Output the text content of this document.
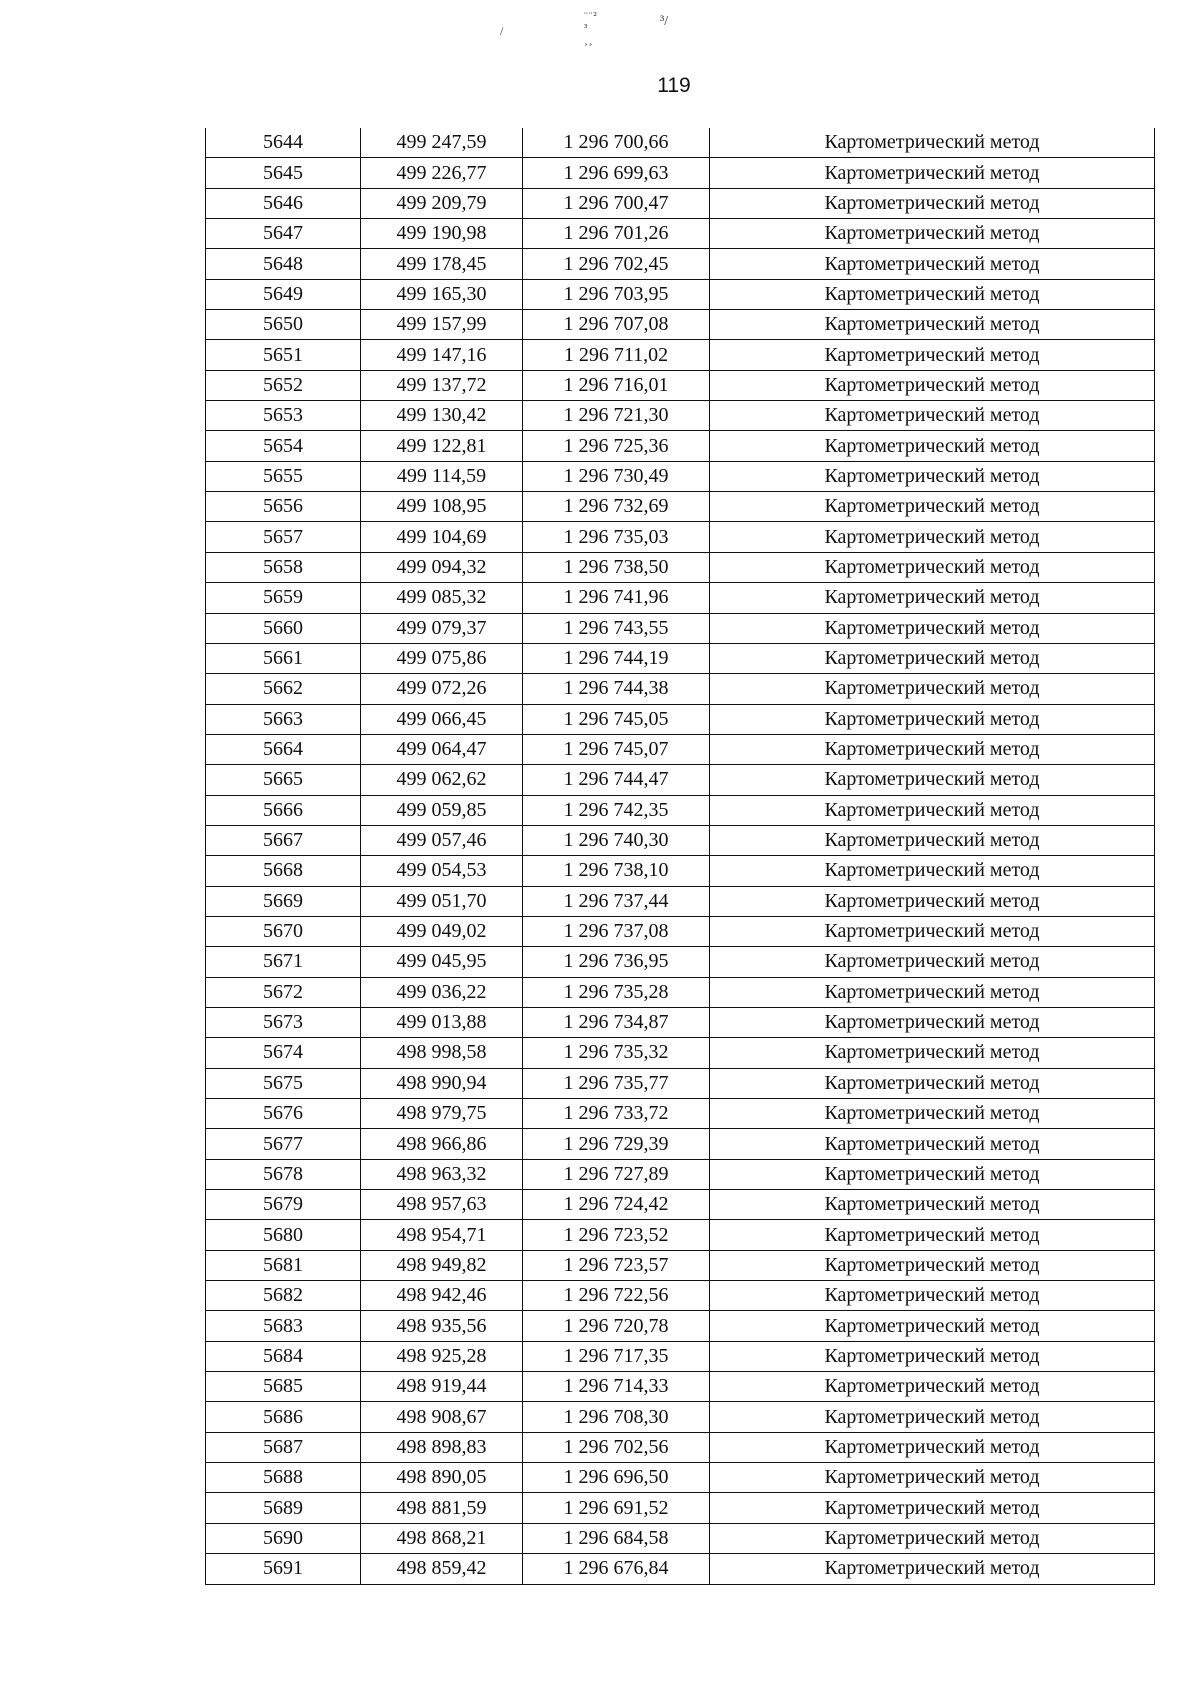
/
¨¨² ³ ¸¸
³/
119
5644	499 247,59	1 296 700,66	Картометрический метод
5645	499 226,77	1 296 699,63	Картометрический метод
5646	499 209,79	1 296 700,47	Картометрический метод
5647	499 190,98	1 296 701,26	Картометрический метод
5648	499 178,45	1 296 702,45	Картометрический метод
5649	499 165,30	1 296 703,95	Картометрический метод
5650	499 157,99	1 296 707,08	Картометрический метод
5651	499 147,16	1 296 711,02	Картометрический метод
5652	499 137,72	1 296 716,01	Картометрический метод
5653	499 130,42	1 296 721,30	Картометрический метод
5654	499 122,81	1 296 725,36	Картометрический метод
5655	499 114,59	1 296 730,49	Картометрический метод
5656	499 108,95	1 296 732,69	Картометрический метод
5657	499 104,69	1 296 735,03	Картометрический метод
5658	499 094,32	1 296 738,50	Картометрический метод
5659	499 085,32	1 296 741,96	Картометрический метод
5660	499 079,37	1 296 743,55	Картометрический метод
5661	499 075,86	1 296 744,19	Картометрический метод
5662	499 072,26	1 296 744,38	Картометрический метод
5663	499 066,45	1 296 745,05	Картометрический метод
5664	499 064,47	1 296 745,07	Картометрический метод
5665	499 062,62	1 296 744,47	Картометрический метод
5666	499 059,85	1 296 742,35	Картометрический метод
5667	499 057,46	1 296 740,30	Картометрический метод
5668	499 054,53	1 296 738,10	Картометрический метод
5669	499 051,70	1 296 737,44	Картометрический метод
5670	499 049,02	1 296 737,08	Картометрический метод
5671	499 045,95	1 296 736,95	Картометрический метод
5672	499 036,22	1 296 735,28	Картометрический метод
5673	499 013,88	1 296 734,87	Картометрический метод
5674	498 998,58	1 296 735,32	Картометрический метод
5675	498 990,94	1 296 735,77	Картометрический метод
5676	498 979,75	1 296 733,72	Картометрический метод
5677	498 966,86	1 296 729,39	Картометрический метод
5678	498 963,32	1 296 727,89	Картометрический метод
5679	498 957,63	1 296 724,42	Картометрический метод
5680	498 954,71	1 296 723,52	Картометрический метод
5681	498 949,82	1 296 723,57	Картометрический метод
5682	498 942,46	1 296 722,56	Картометрический метод
5683	498 935,56	1 296 720,78	Картометрический метод
5684	498 925,28	1 296 717,35	Картометрический метод
5685	498 919,44	1 296 714,33	Картометрический метод
5686	498 908,67	1 296 708,30	Картометрический метод
5687	498 898,83	1 296 702,56	Картометрический метод
5688	498 890,05	1 296 696,50	Картометрический метод
5689	498 881,59	1 296 691,52	Картометрический метод
5690	498 868,21	1 296 684,58	Картометрический метод
5691	498 859,42	1 296 676,84	Картометрический метод
